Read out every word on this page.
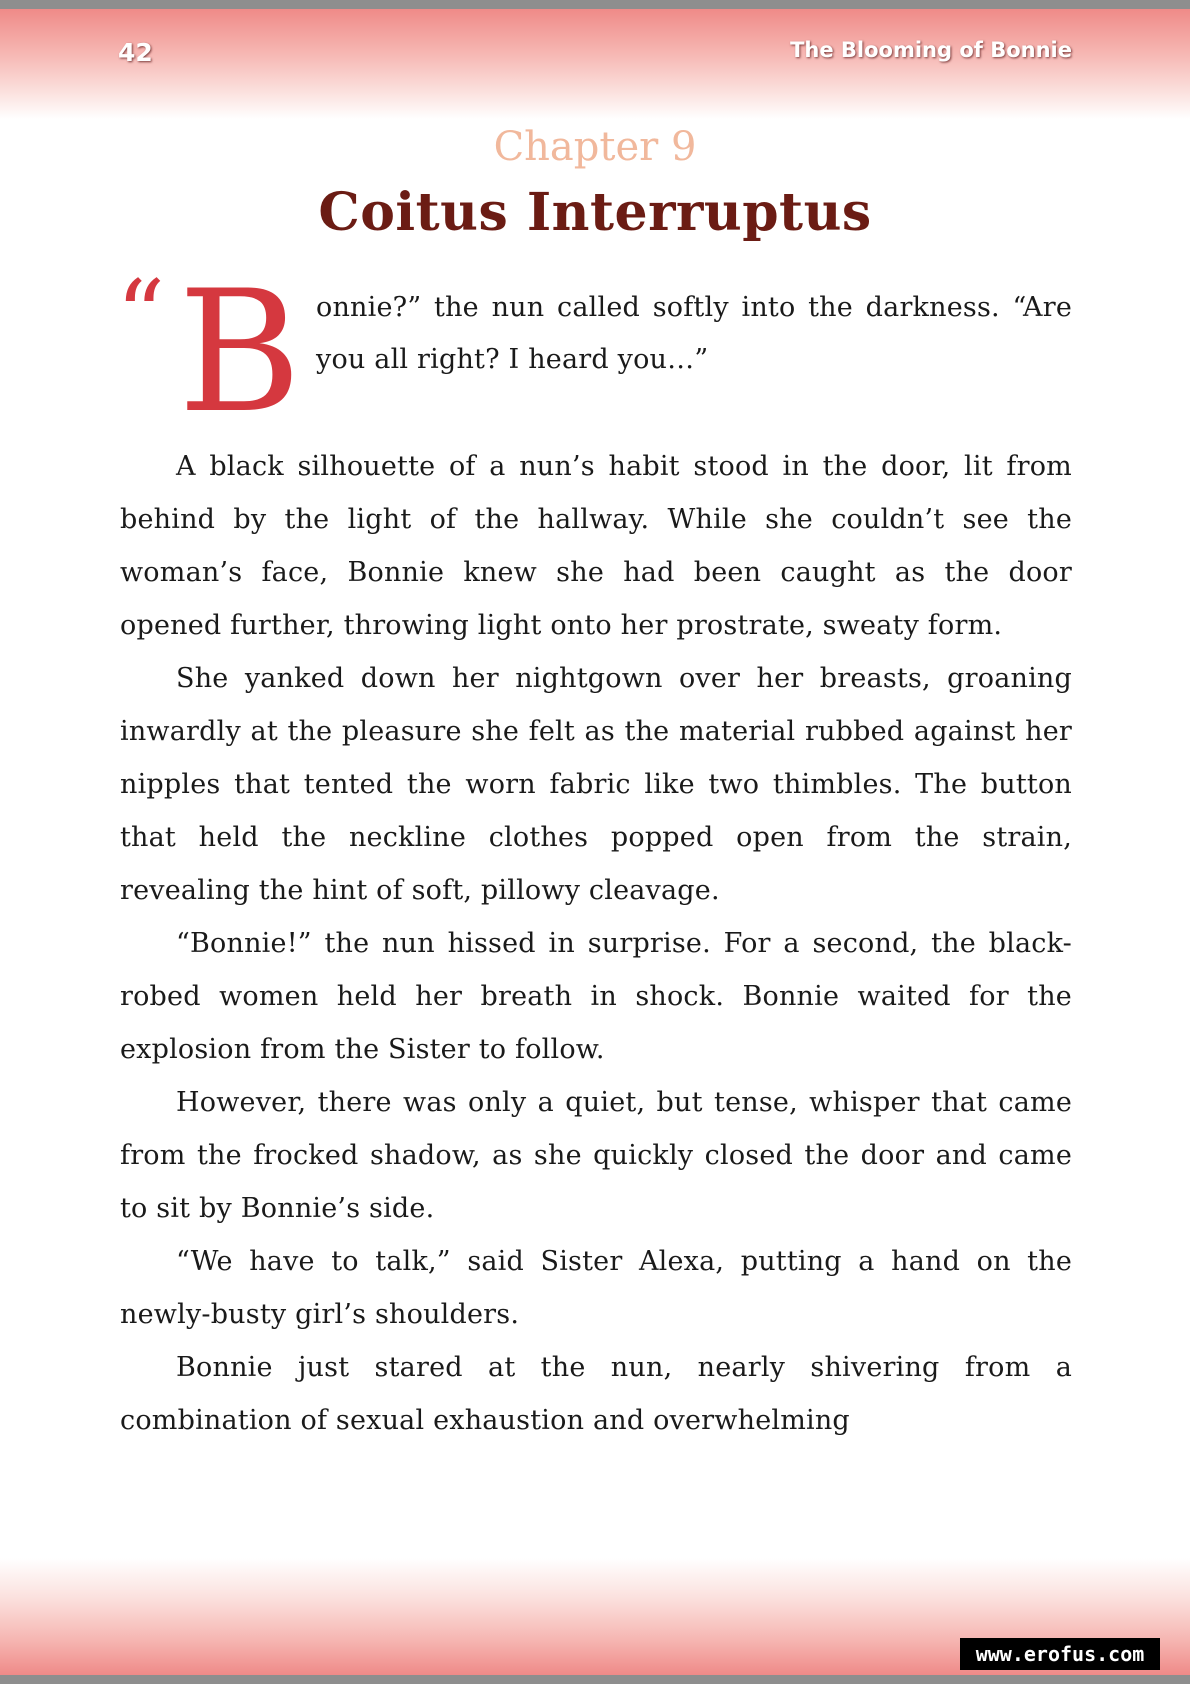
42	The Blooming of Bonnie
Chapter 9
Coitus Interruptus
“ B onnie?” the nun called softly into the darkness. “Are you all right? I heard you…”

A black silhouette of a nun’s habit stood in the door, lit from behind by the light of the hallway. While she couldn’t see the woman’s face, Bonnie knew she had been caught as the door opened further, throwing light onto her prostrate, sweaty form.

She yanked down her nightgown over her breasts, groaning inwardly at the pleasure she felt as the material rubbed against her nipples that tented the worn fabric like two thimbles. The button that held the neckline clothes popped open from the strain, revealing the hint of soft, pillowy cleavage.

“Bonnie!” the nun hissed in surprise. For a second, the black-robed women held her breath in shock. Bonnie waited for the explosion from the Sister to follow.

However, there was only a quiet, but tense, whisper that came from the frocked shadow, as she quickly closed the door and came to sit by Bonnie’s side.

“We have to talk,” said Sister Alexa, putting a hand on the newly-busty girl’s shoulders.

Bonnie just stared at the nun, nearly shivering from a combination of sexual exhaustion and overwhelming

www.erofus.com
